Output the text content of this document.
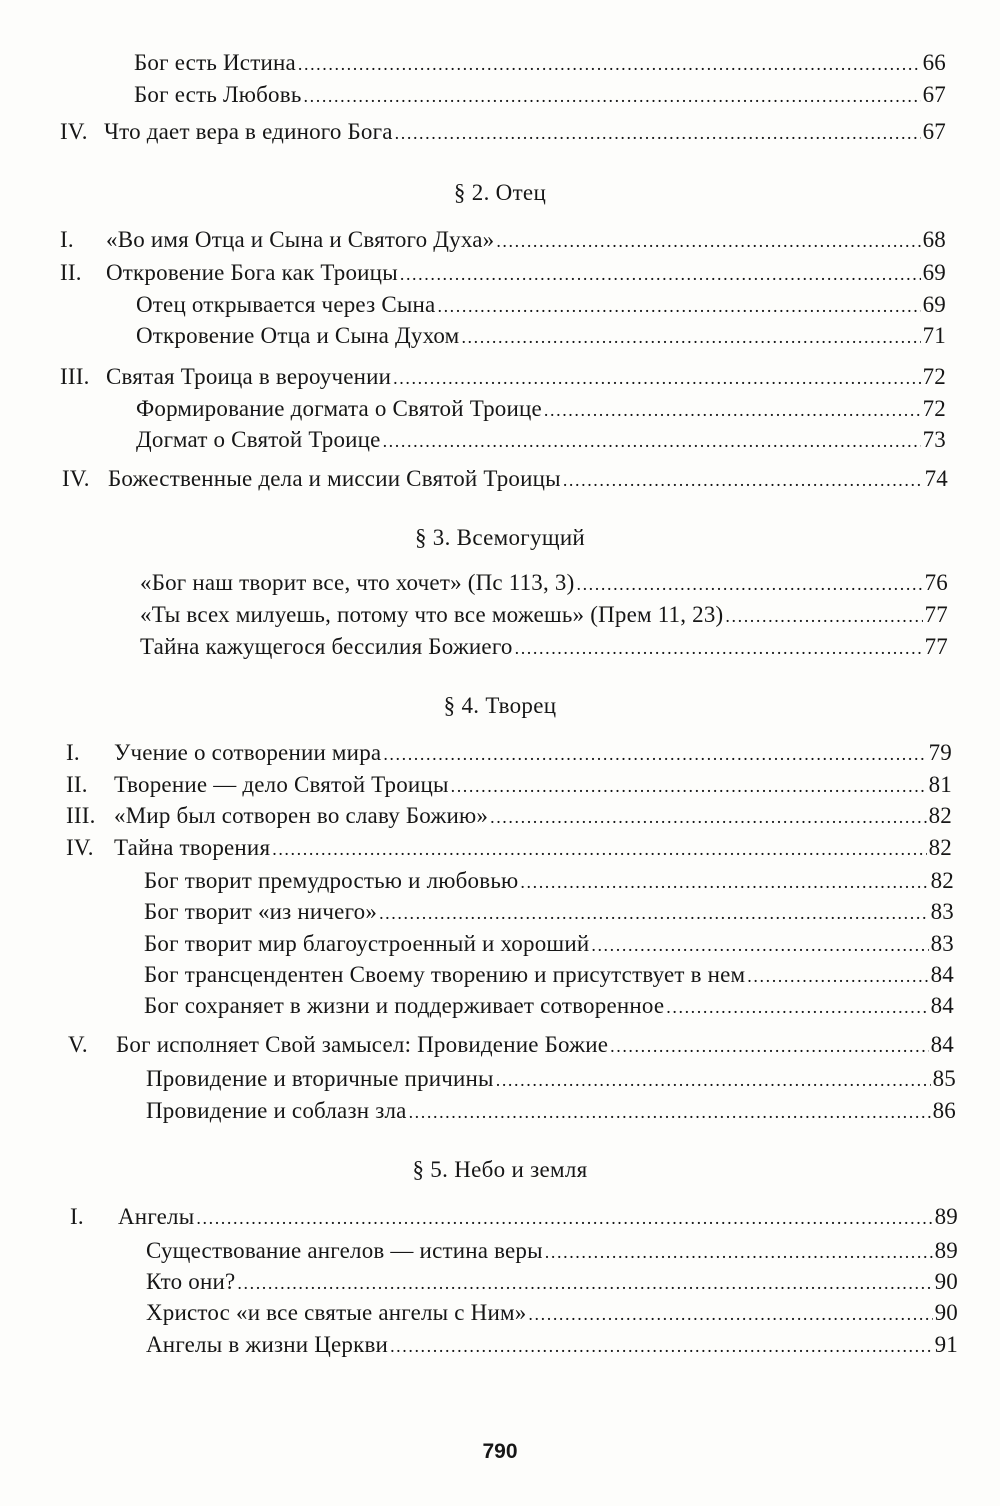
Бог есть Истина .....	66
Бог есть Любовь .....	67
IV. Что дает вера в единого Бога .....	67
§ 2. Отец
I.	«Во имя Отца и Сына и Святого Духа» .....	68
II.	Откровение Бога как Троицы .....	69
Отец открывается через Сына .....	69
Откровение Отца и Сына Духом .....	71
III. Святая Троица в вероучении .....	72
Формирование догмата о Святой Троице .....	72
Догмат о Святой Троице .....	73
IV. Божественные дела и миссии Святой Троицы .....	74
§ 3. Всемогущий
«Бог наш творит все, что хочет» (Пс 113, 3) .....	76
«Ты всех милуешь, потому что все можешь» (Прем 11, 23) .....	77
Тайна кажущегося бессилия Божиего .....	77
§ 4. Творец
I.	Учение о сотворении мира .....	79
II.	Творение — дело Святой Троицы .....	81
III. «Мир был сотворен во славу Божию» .....	82
IV. Тайна творения .....	82
Бог творит премудростью и любовью .....	82
Бог творит «из ничего» .....	83
Бог творит мир благоустроенный и хороший .....	83
Бог трансцендентен Своему творению и присутствует в нем .....	84
Бог сохраняет в жизни и поддерживает сотворенное .....	84
V.	Бог исполняет Свой замысел: Провидение Божие .....	84
Провидение и вторичные причины .....	85
Провидение и соблазн зла .....	86
§ 5. Небо и земля
I.	Ангелы .....	89
Существование ангелов — истина веры .....	89
Кто они? .....	90
Христос «и все святые ангелы с Ним» .....	90
Ангелы в жизни Церкви .....	91
790
